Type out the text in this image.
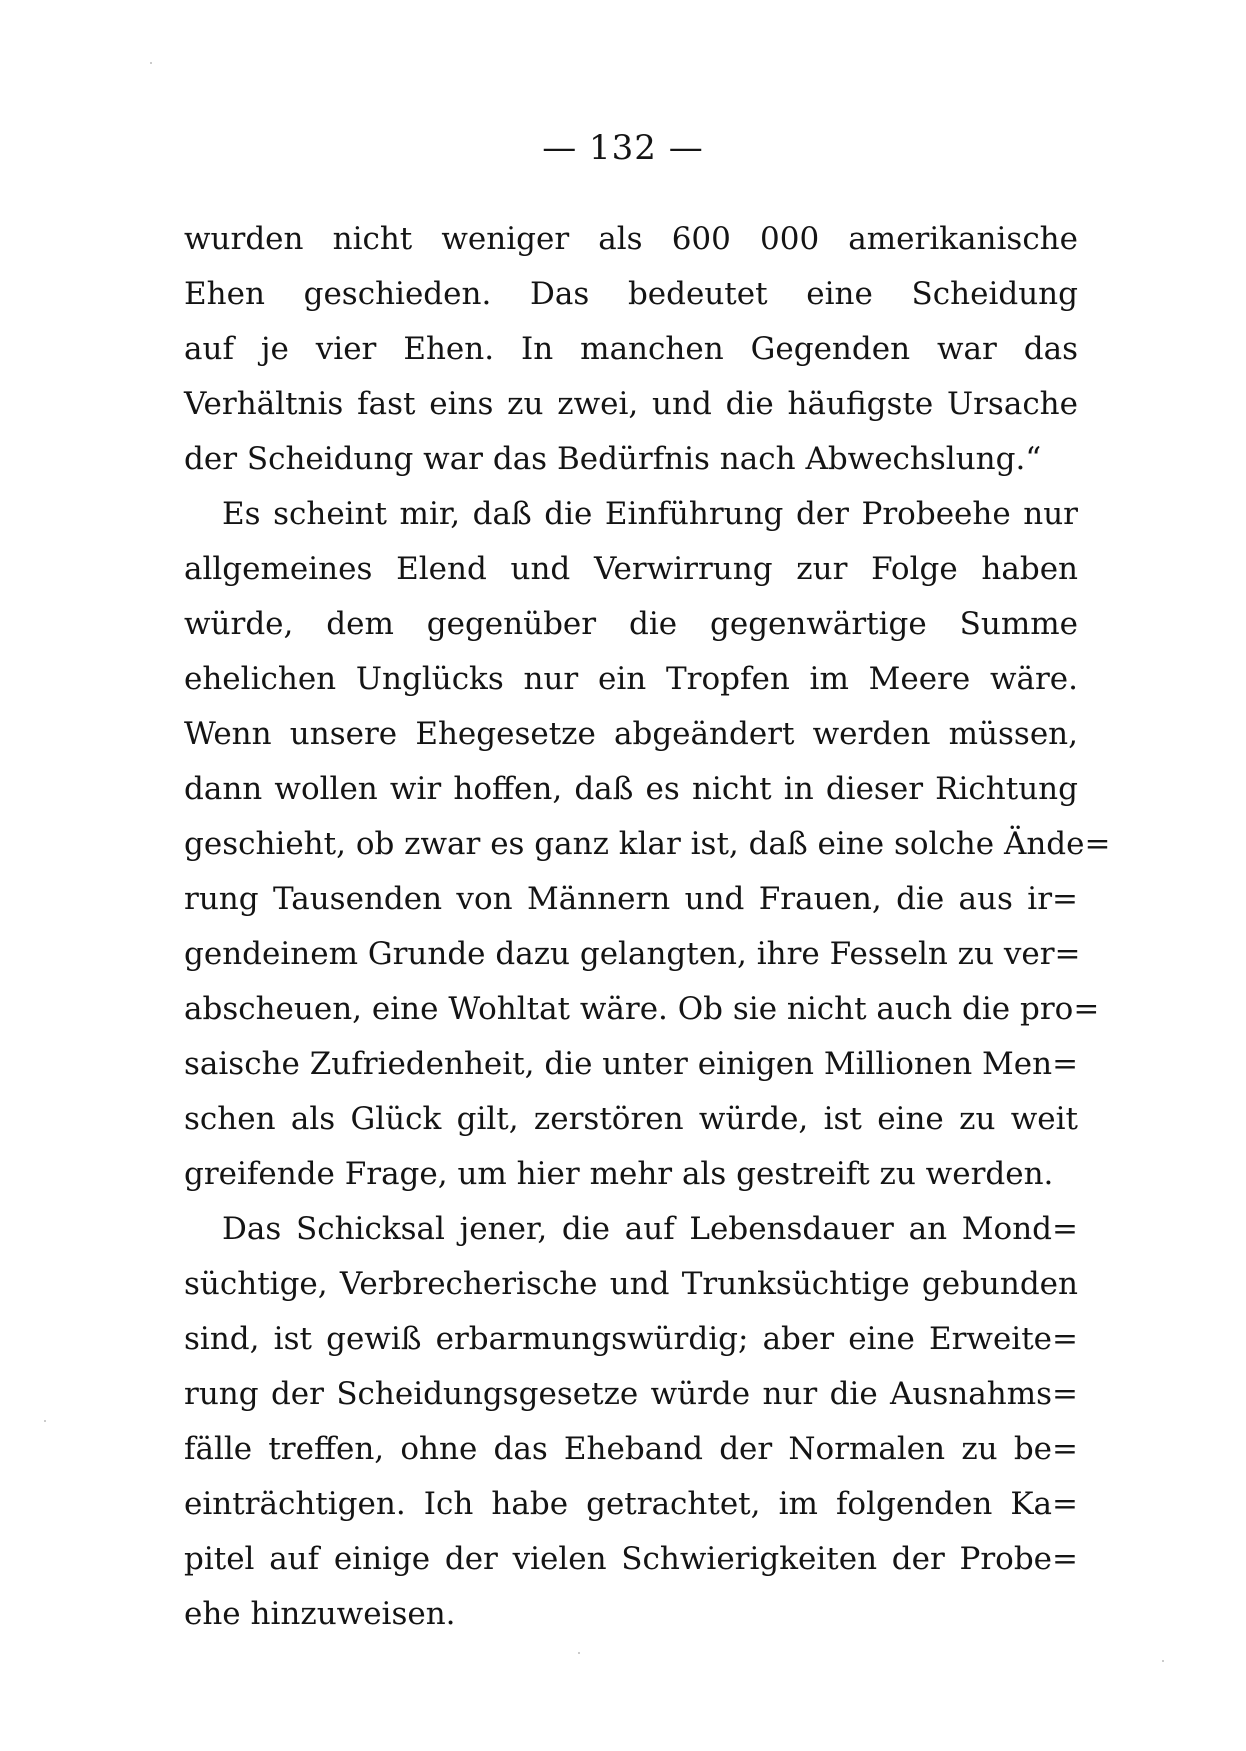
— 132 —
wurden nicht weniger als 600 000 amerikanische
Ehen geschieden. Das bedeutet eine Scheidung
auf je vier Ehen. In manchen Gegenden war das
Verhältnis fast eins zu zwei, und die häufigste Ursache
der Scheidung war das Bedürfnis nach Abwechslung.“
Es scheint mir, daß die Einführung der Probeehe nur
allgemeines Elend und Verwirrung zur Folge haben
würde, dem gegenüber die gegenwärtige Summe
ehelichen Unglücks nur ein Tropfen im Meere wäre.
Wenn unsere Ehegesetze abgeändert werden müssen,
dann wollen wir hoffen, daß es nicht in dieser Richtung
geschieht, ob zwar es ganz klar ist, daß eine solche Ände=
rung Tausenden von Männern und Frauen, die aus ir=
gendeinem Grunde dazu gelangten, ihre Fesseln zu ver=
abscheuen, eine Wohltat wäre. Ob sie nicht auch die pro=
saische Zufriedenheit, die unter einigen Millionen Men=
schen als Glück gilt, zerstören würde, ist eine zu weit
greifende Frage, um hier mehr als gestreift zu werden.
Das Schicksal jener, die auf Lebensdauer an Mond=
süchtige, Verbrecherische und Trunksüchtige gebunden
sind, ist gewiß erbarmungswürdig; aber eine Erweite=
rung der Scheidungsgesetze würde nur die Ausnahms=
fälle treffen, ohne das Eheband der Normalen zu be=
einträchtigen. Ich habe getrachtet, im folgenden Ka=
pitel auf einige der vielen Schwierigkeiten der Probe=
ehe hinzuweisen.
